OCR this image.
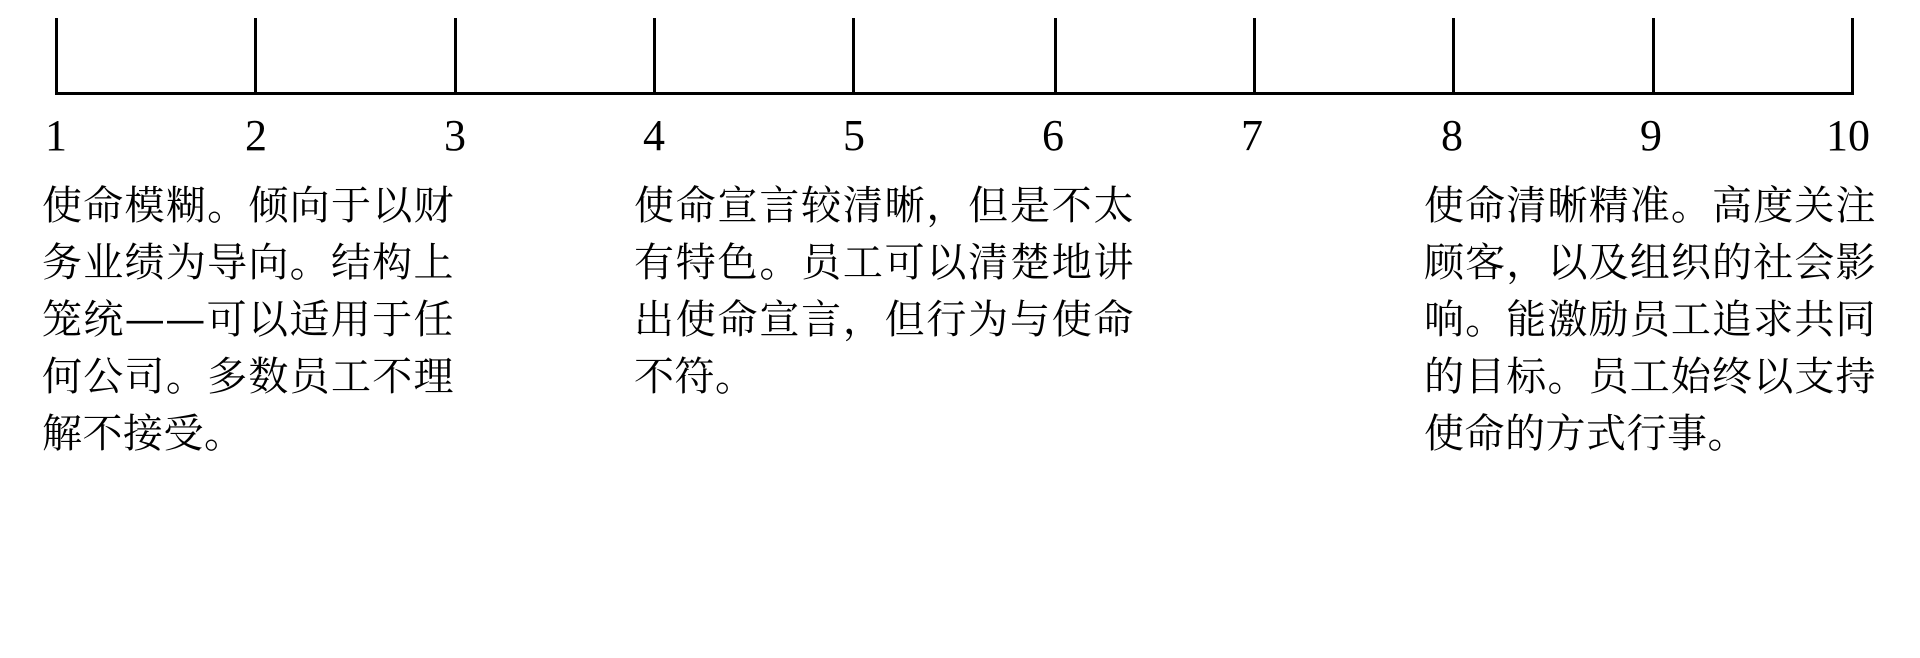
1	2	3	4	5	6	7	8	9	10
使命模糊。倾向于以财务业绩为导向。结构上笼统——可以适用于任何公司。多数员工不理解不接受。
使命宣言较清晰，但是不太有特色。员工可以清楚地讲出使命宣言，但行为与使命不符。
使命清晰精准。高度关注顾客，以及组织的社会影响。能激励员工追求共同的目标。员工始终以支持使命的方式行事。
